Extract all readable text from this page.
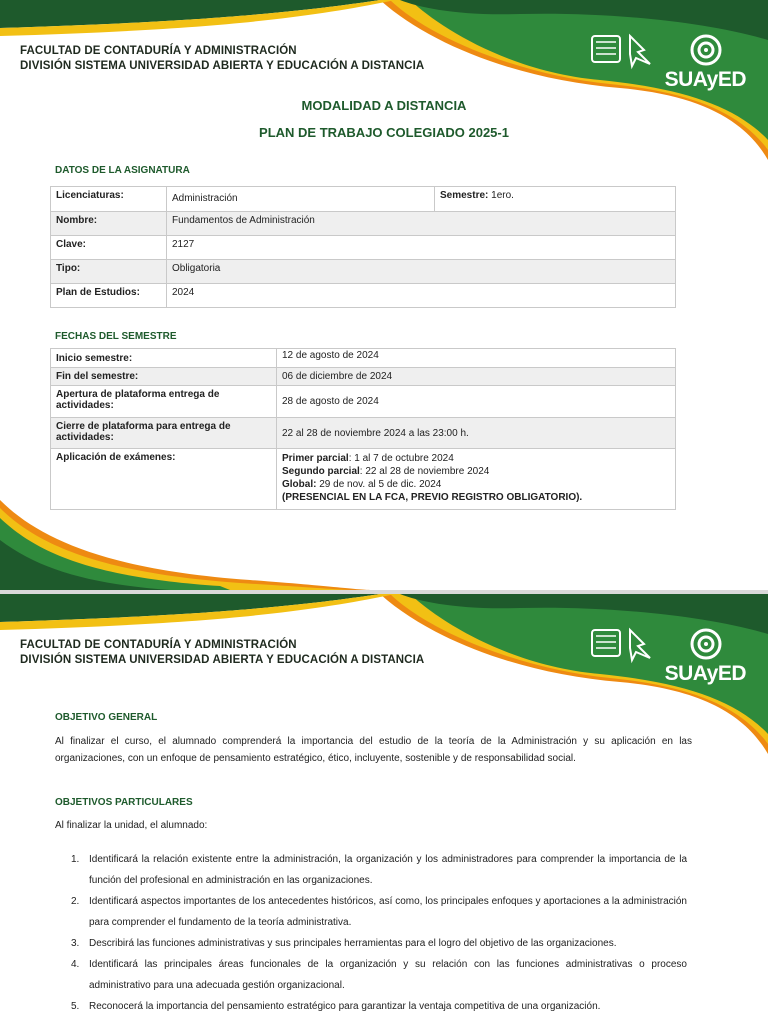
FACULTAD DE CONTADURÍA Y ADMINISTRACIÓN
DIVISIÓN SISTEMA UNIVERSIDAD ABIERTA Y EDUCACIÓN A DISTANCIA
SUAyED
MODALIDAD A DISTANCIA
PLAN DE TRABAJO COLEGIADO 2025-1
DATOS DE LA ASIGNATURA
Licenciaturas:	Administración	Semestre: 1ero.
Nombre:	Fundamentos de Administración	
Clave:	2127	
Tipo:	Obligatoria	
Plan de Estudios:	2024	
FECHAS DEL SEMESTRE
Inicio semestre:	12 de agosto de 2024
Fin del semestre:	06 de diciembre de 2024
Apertura de plataforma entrega de actividades:	28 de agosto de 2024
Cierre de plataforma para entrega de actividades:	22 al 28 de noviembre 2024 a las 23:00 h.
Aplicación de exámenes:	Primer parcial: 1 al 7 de octubre 2024
Segundo parcial: 22 al 28 de noviembre 2024
Global: 29 de nov. al 5 de dic. 2024
(PRESENCIAL EN LA FCA, PREVIO REGISTRO OBLIGATORIO).
FACULTAD DE CONTADURÍA Y ADMINISTRACIÓN
DIVISIÓN SISTEMA UNIVERSIDAD ABIERTA Y EDUCACIÓN A DISTANCIA
SUAyED
OBJETIVO GENERAL
Al finalizar el curso, el alumnado comprenderá la importancia del estudio de la teoría de la Administración y su aplicación en las organizaciones, con un enfoque de pensamiento estratégico, ético, incluyente, sostenible y de responsabilidad social.
OBJETIVOS PARTICULARES
Al finalizar la unidad, el alumnado:
1. Identificará la relación existente entre la administración, la organización y los administradores para comprender la importancia de la función del profesional en administración en las organizaciones.
2. Identificará aspectos importantes de los antecedentes históricos, así como, los principales enfoques y aportaciones a la administración para comprender el fundamento de la teoría administrativa.
3. Describirá las funciones administrativas y sus principales herramientas para el logro del objetivo de las organizaciones.
4. Identificará las principales áreas funcionales de la organización y su relación con las funciones administrativas o proceso administrativo para una adecuada gestión organizacional.
5. Reconocerá la importancia del pensamiento estratégico para garantizar la ventaja competitiva de una organización.
